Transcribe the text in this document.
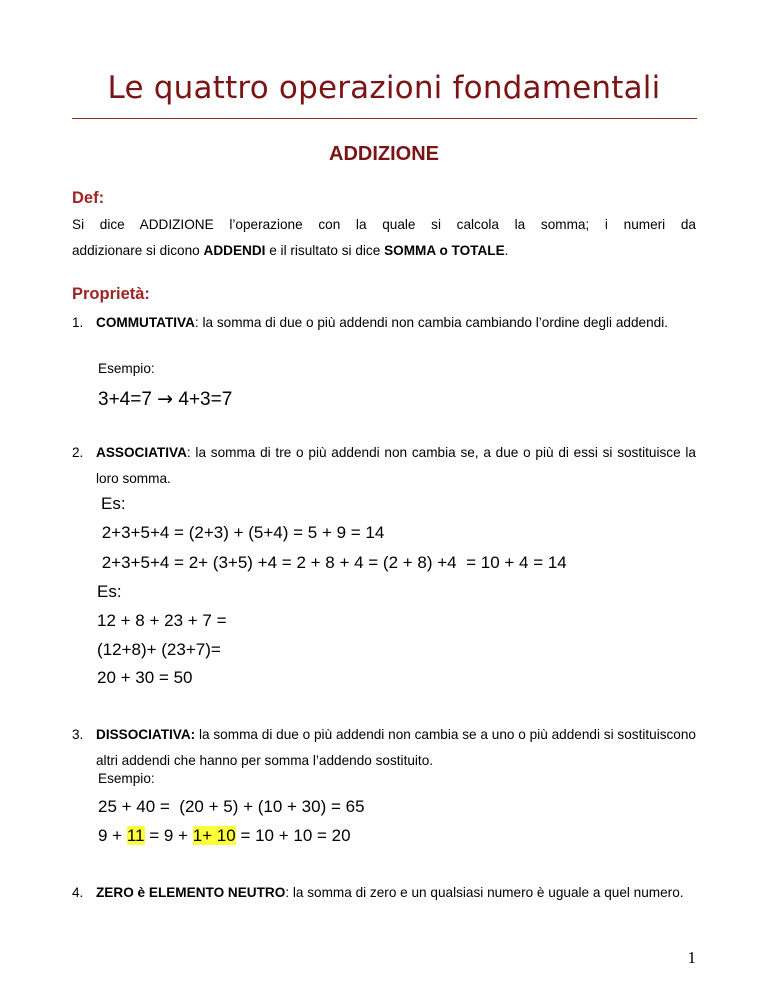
Le quattro operazioni fondamentali
ADDIZIONE
Def:
Si dice ADDIZIONE l’operazione con la quale si calcola la somma; i numeri da
addizionare si dicono ADDENDI e il risultato si dice SOMMA o TOTALE.
Proprietà:
1. COMMUTATIVA: la somma di due o più addendi non cambia cambiando l’ordine degli addendi.
Esempio:
3+4=7 → 4+3=7
2. ASSOCIATIVA: la somma di tre o più addendi non cambia se, a due o più di essi si sostituisce la loro somma.
Es:
2+3+5+4 = (2+3) + (5+4) = 5 + 9 = 14
2+3+5+4 = 2+ (3+5) +4 = 2 + 8 + 4 = (2 + 8) +4  = 10 + 4 = 14
Es:
12 + 8 + 23 + 7 =
(12+8)+ (23+7)=
20 + 30 = 50
3. DISSOCIATIVA: la somma di due o più addendi non cambia se a uno o più addendi si sostituiscono altri addendi che hanno per somma l’addendo sostituito.
Esempio:
25 + 40 =  (20 + 5) + (10 + 30) = 65
9 + 11 = 9 + 1+ 10 = 10 + 10 = 20
4. ZERO è ELEMENTO NEUTRO: la somma di zero e un qualsiasi numero è uguale a quel numero.
1
